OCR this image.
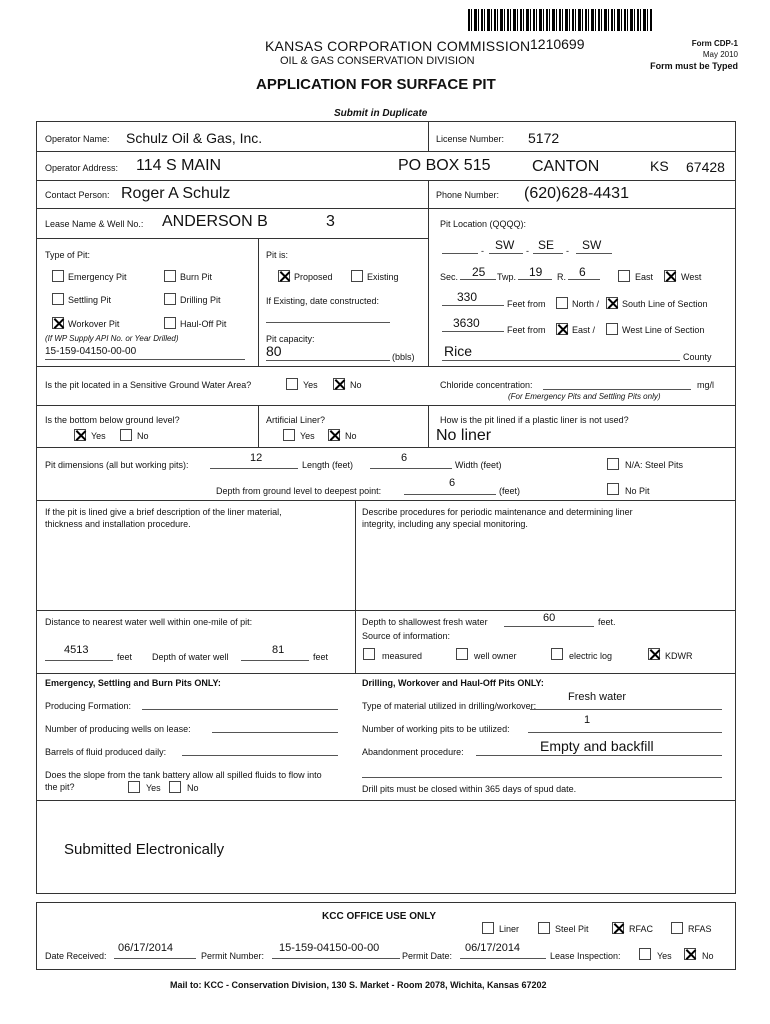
KANSAS CORPORATION COMMISSION
OIL & GAS CONSERVATION DIVISION
1210699	Form CDP-1
May 2010
Form must be Typed
APPLICATION FOR SURFACE PIT
Submit in Duplicate
Operator Name: Schulz Oil & Gas, Inc.	License Number: 5172
Operator Address: 114 S MAIN	PO BOX 515	CANTON	KS 67428
Contact Person: Roger A Schulz	Phone Number: (620)628-4431
Lease Name & Well No.: ANDERSON B	3	Pit Location (QQQQ):
Type of Pit:
Emergency Pit	Burn Pit
Settling Pit	Drilling Pit
Workover Pit	Haul-Off Pit
(If WP Supply API No. or Year Drilled)
15-159-04150-00-00
Pit is:
Proposed	Existing
If Existing, date constructed:
Pit capacity:
80	(bbls)
- SW - SE - SW
Sec. 25 Twp. 19 R. 6	East	West
330	Feet from	North /	South Line of Section
3630	Feet from	East /	West Line of Section
Rice	County
Is the pit located in a Sensitive Ground Water Area?	Yes	No	Chloride concentration:	mg/l
(For Emergency Pits and Settling Pits only)
Is the bottom below ground level?
Yes	No
Artificial Liner?
Yes	No
How is the pit lined if a plastic liner is not used?
No liner
Pit dimensions (all but working pits):
12
Length (feet)
6
Width (feet)	N/A: Steel Pits
Depth from ground level to deepest point:
6
(feet)	No Pit
If the pit is lined give a brief description of the liner material, thickness and installation procedure.
Describe procedures for periodic maintenance and determining liner integrity, including any special monitoring.
Distance to nearest water well within one-mile of pit:
4513
feet Depth of water well
81
feet
Depth to shallowest fresh water	60	feet.
Source of information:
measured	well owner	electric log	KDWR
Emergency, Settling and Burn Pits ONLY:
Producing Formation:
Number of producing wells on lease:
Barrels of fluid produced daily:
Does the slope from the tank battery allow all spilled fluids to flow into the pit?	Yes	No
Drilling, Workover and Haul-Off Pits ONLY:
Fresh water
Type of material utilized in drilling/workover:
1
Number of working pits to be utilized:
Abandonment procedure:	Empty and backfill
Drill pits must be closed within 365 days of spud date.
Submitted Electronically
KCC OFFICE USE ONLY
Liner	Steel Pit	RFAC	RFAS
Date Received:
06/17/2014
Permit Number:
15-159-04150-00-00
Permit Date:
06/17/2014
Lease Inspection:	Yes	No
Mail to: KCC - Conservation Division, 130 S. Market - Room 2078, Wichita, Kansas 67202
